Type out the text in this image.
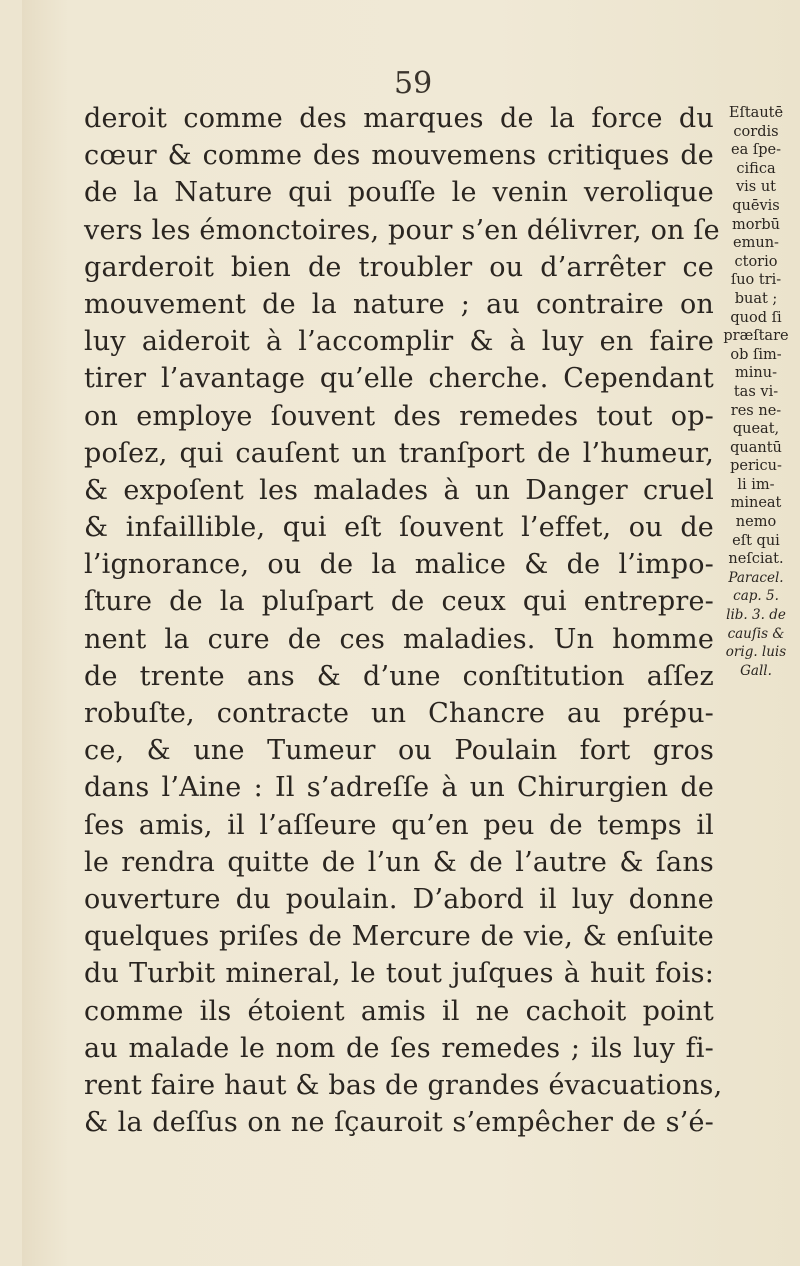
59
deroit comme des marques de la force du
cœur & comme des mouvemens critiques de
de la Nature qui pouſſe le venin verolique
vers les émonctoires, pour s’en délivrer, on ſe
garderoit bien de troubler ou d’arrêter ce
mouvement de la nature ; au contraire on
luy aideroit à l’accomplir & à luy en faire
tirer l’avantage qu’elle cherche. Cependant
on employe ſouvent des remedes tout op-
poſez, qui cauſent un tranſport de l’humeur,
& expoſent les malades à un Danger cruel
& infaillible, qui eſt ſouvent l’effet, ou de
l’ignorance, ou de la malice & de l’impo-
ſture de la pluſpart de ceux qui entrepre-
nent la cure de ces maladies. Un homme
de trente ans & d’une conſtitution aſſez
robuſte, contracte un Chancre au prépu-
ce, & une Tumeur ou Poulain fort gros
dans l’Aine : Il s’adreſſe à un Chirurgien de
ſes amis, il l’aſſeure qu’en peu de temps il
le rendra quitte de l’un & de l’autre & ſans
ouverture du poulain. D’abord il luy donne
quelques priſes de Mercure de vie, & enſuite
du Turbit mineral, le tout juſques à huit fois:
comme ils étoient amis il ne cachoit point
au malade le nom de ſes remedes ; ils luy fi-
rent faire haut & bas de grandes évacuations,
& la deſſus on ne ſçauroit s’empêcher de s’é-
Eſtautē
cordis
ea ſpe-
cifica
vis ut
quēvis
morbū
emun-
ctorio
ſuo tri-
buat ;
quod ſi
præſtare
ob ſim-
minu-
tas vi-
res ne-
queat,
quantū
pericu-
li im-
mineat
nemo
eſt qui
neſciat.
Paracel.
cap. 5.
lib. 3. de
cauſis &
orig. luis
Gall.
